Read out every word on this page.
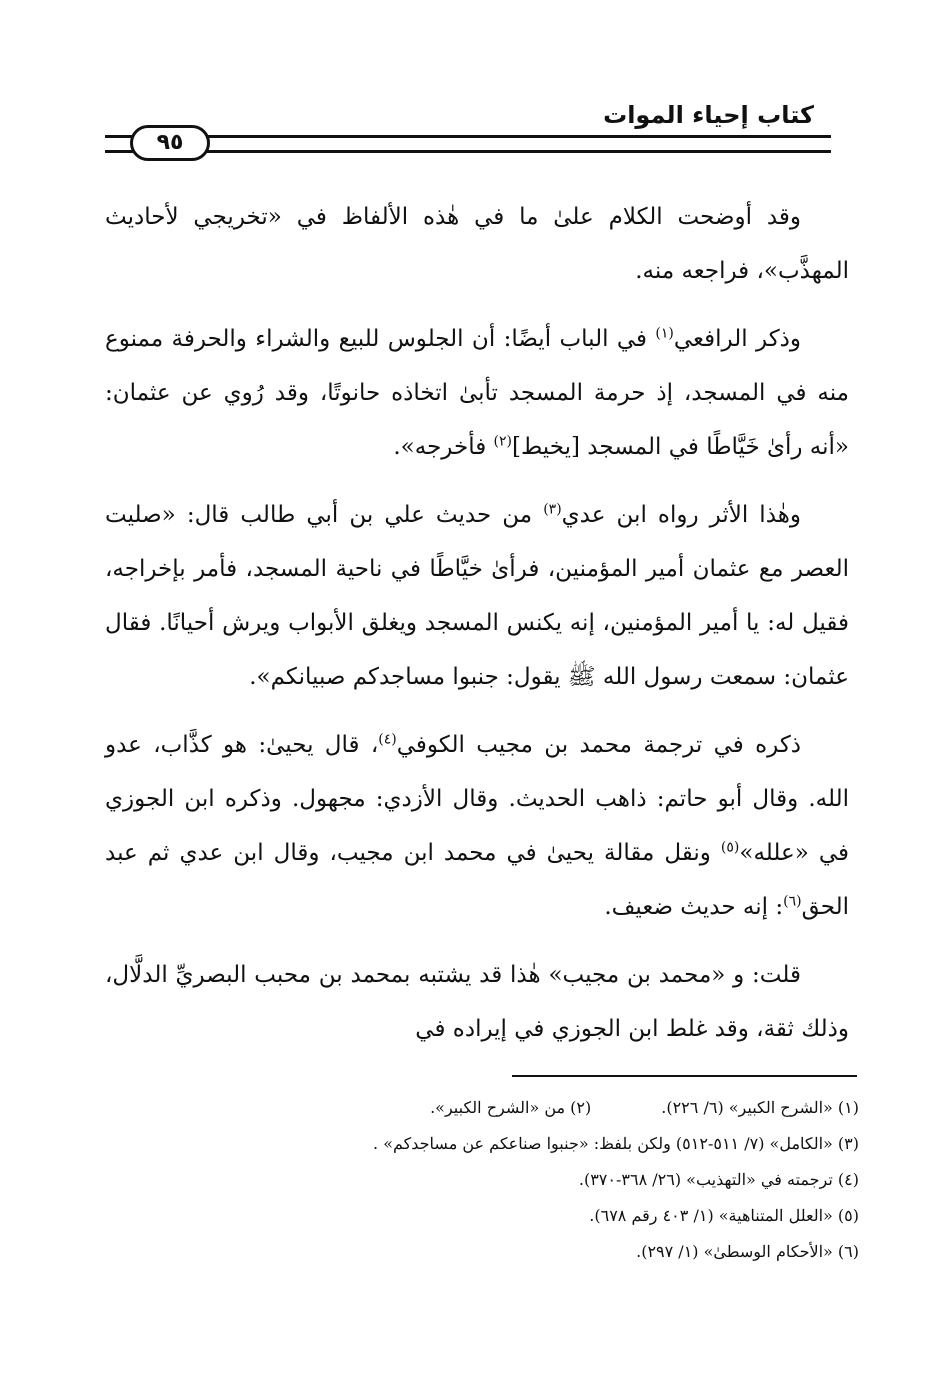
كتاب إحياء الموات
٩٥

وقد أوضحت الكلام علىٰ ما في هٰذه الألفاظ في «تخريجي لأحاديث المهذَّب»، فراجعه منه.

وذكر الرافعي$^{(١)}$ في الباب أيضًا: أن الجلوس للبيع والشراء والحرفة ممنوع منه في المسجد، إذ حرمة المسجد تأبىٰ اتخاذه حانوتًا، وقد رُوي عن عثمان: «أنه رأىٰ خَيَّاطًا في المسجد [يخيط]$^{(٢)}$ فأخرجه».

وهٰذا الأثر رواه ابن عدي$^{(٣)}$ من حديث علي بن أبي طالب قال: «صليت العصر مع عثمان أمير المؤمنين، فرأىٰ خيَّاطًا في ناحية المسجد، فأمر بإخراجه، فقيل له: يا أمير المؤمنين، إنه يكنس المسجد ويغلق الأبواب ويرش أحيانًا. فقال عثمان: سمعت رسول الله ﷺ يقول: جنبوا مساجدكم صبيانكم».

ذكره في ترجمة محمد بن مجيب الكوفي$^{(٤)}$، قال يحيىٰ: هو كذَّاب، عدو الله. وقال أبو حاتم: ذاهب الحديث. وقال الأزدي: مجهول. وذكره ابن الجوزي في «علله»$^{(٥)}$ ونقل مقالة يحيىٰ في محمد ابن مجيب، وقال ابن عدي ثم عبد الحق$^{(٦)}$: إنه حديث ضعيف.

قلت: و «محمد بن مجيب» هٰذا قد يشتبه بمحمد بن محبب البصريِّ الدلَّال، وذلك ثقة، وقد غلط ابن الجوزي في إيراده في

(١) «الشرح الكبير» (٦/ ٢٢٦).
(٢) من «الشرح الكبير».
(٣) «الكامل» (٧/ ٥١١-٥١٢) ولكن بلفظ: «جنبوا صناعكم عن مساجدكم» .
(٤) ترجمته في «التهذيب» (٢٦/ ٣٦٨-٣٧٠).
(٥) «العلل المتناهية» (١/ ٤٠٣ رقم ٦٧٨).
(٦) «الأحكام الوسطىٰ» (١/ ٢٩٧).
